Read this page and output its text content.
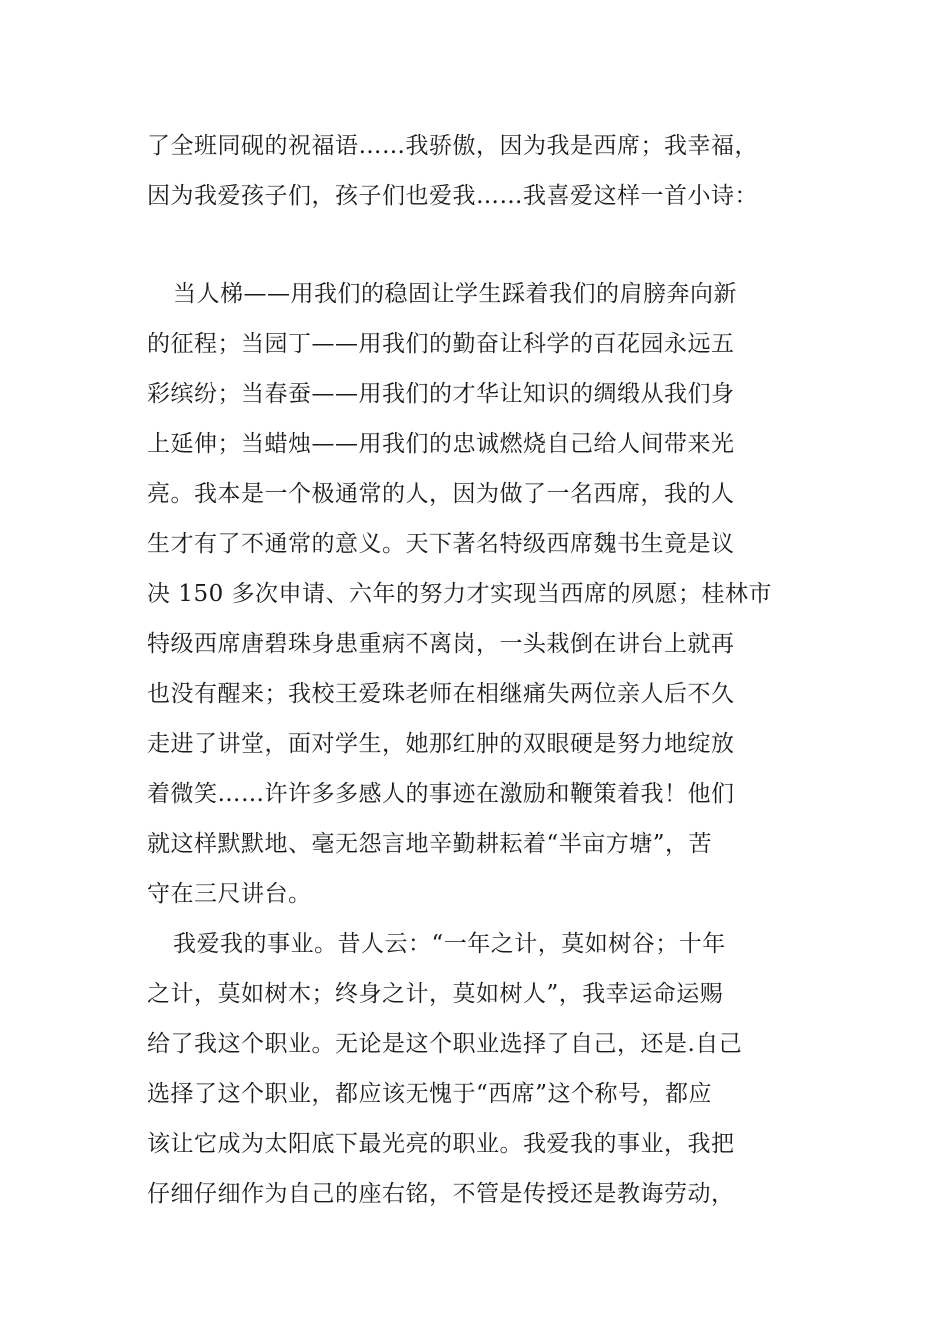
了全班同砚的祝福语……我骄傲，因为我是西席；我幸福，
因为我爱孩子们，孩子们也爱我……我喜爱这样一首小诗：
当人梯——用我们的稳固让学生踩着我们的肩膀奔向新
的征程；当园丁——用我们的勤奋让科学的百花园永远五
彩缤纷；当春蚕——用我们的才华让知识的绸缎从我们身
上延伸；当蜡烛——用我们的忠诚燃烧自己给人间带来光
亮。我本是一个极通常的人，因为做了一名西席，我的人
生才有了不通常的意义。天下著名特级西席魏书生竟是议
决 150 多次申请、六年的努力才实现当西席的夙愿；桂林市
特级西席唐碧珠身患重病不离岗，一头栽倒在讲台上就再
也没有醒来；我校王爱珠老师在相继痛失两位亲人后不久
走进了讲堂，面对学生，她那红肿的双眼硬是努力地绽放
着微笑……许许多多感人的事迹在激励和鞭策着我！他们
就这样默默地、毫无怨言地辛勤耕耘着“半亩方塘”，苦
守在三尺讲台。
我爱我的事业。昔人云：“一年之计，莫如树谷；十年
之计，莫如树木；终身之计，莫如树人”，我幸运命运赐
给了我这个职业。无论是这个职业选择了自己，还是.自己
选择了这个职业，都应该无愧于“西席”这个称号，都应
该让它成为太阳底下最光亮的职业。我爱我的事业，我把
仔细仔细作为自己的座右铭，不管是传授还是教诲劳动，
